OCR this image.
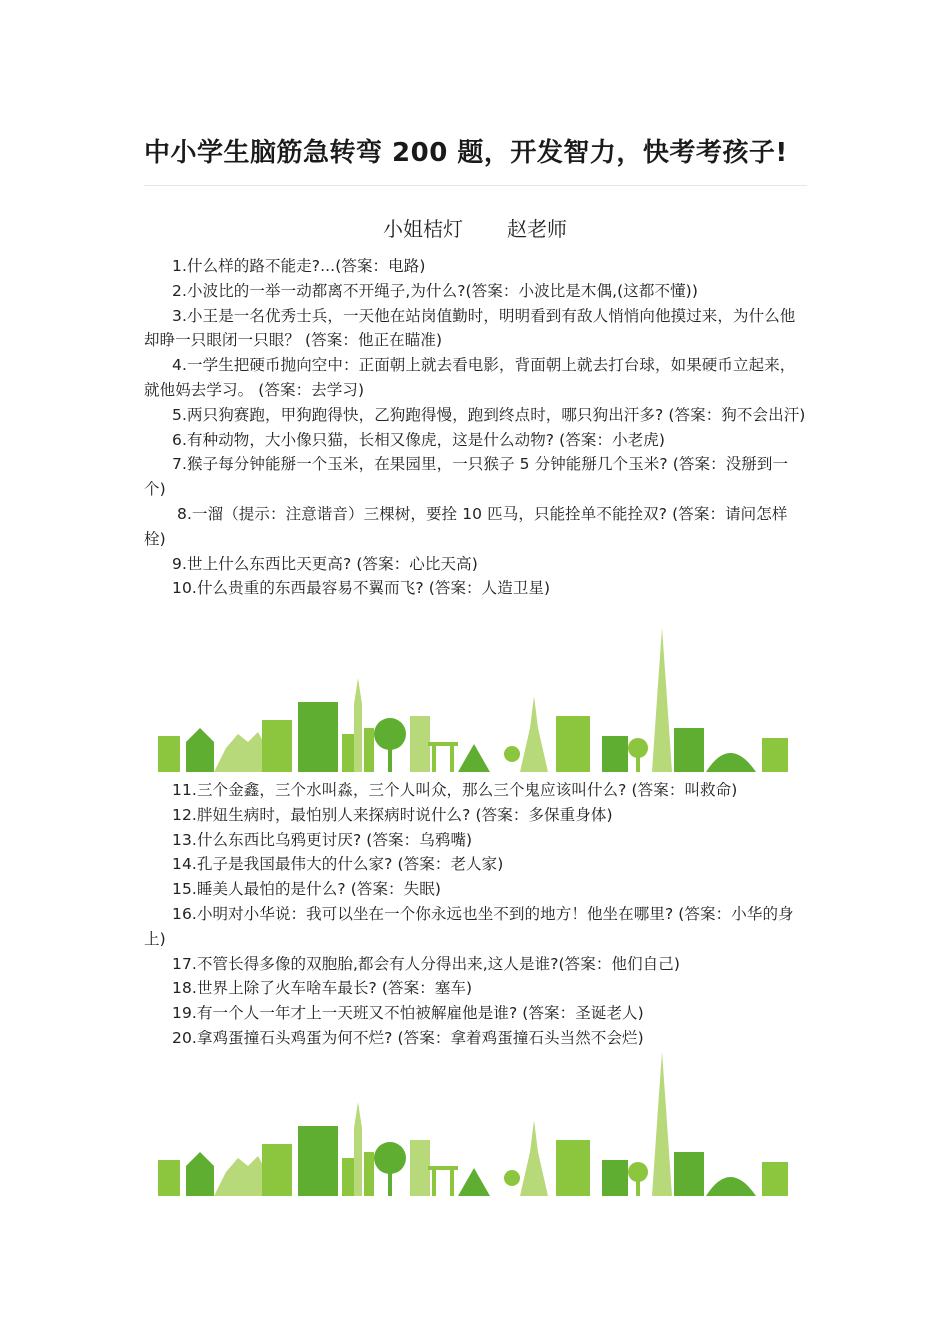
中小学生脑筋急转弯 200 题，开发智力，快考考孩子!
小姐桔灯 赵老师

1.什么样的路不能走?...(答案：电路)

2.小波比的一举一动都离不开绳子,为什么?(答案：小波比是木偶,(这都不懂))

3.小王是一名优秀士兵，一天他在站岗值勤时，明明看到有敌人悄悄向他摸过来，为什么他却睁一只眼闭一只眼？ (答案：他正在瞄准)

4.一学生把硬币抛向空中：正面朝上就去看电影，背面朝上就去打台球，如果硬币立起来，就他妈去学习。 (答案：去学习)

5.两只狗赛跑，甲狗跑得快，乙狗跑得慢，跑到终点时，哪只狗出汗多? (答案：狗不会出汗)

6.有种动物，大小像只猫，长相又像虎，这是什么动物? (答案：小老虎)

7.猴子每分钟能掰一个玉米，在果园里，一只猴子 5 分钟能掰几个玉米? (答案：没掰到一个)

8.一溜（提示：注意谐音）三棵树，要拴 10 匹马，只能拴单不能拴双? (答案：请问怎样栓)

9.世上什么东西比天更高? (答案：心比天高)

10.什么贵重的东西最容易不翼而飞? (答案：人造卫星)

11.三个金鑫，三个水叫淼，三个人叫众，那么三个鬼应该叫什么? (答案：叫救命)

12.胖妞生病时，最怕别人来探病时说什么? (答案：多保重身体)

13.什么东西比乌鸦更讨厌? (答案：乌鸦嘴)

14.孔子是我国最伟大的什么家? (答案：老人家)

15.睡美人最怕的是什么? (答案：失眠)

16.小明对小华说：我可以坐在一个你永远也坐不到的地方！他坐在哪里? (答案：小华的身上)

17.不管长得多像的双胞胎,都会有人分得出来,这人是谁?(答案：他们自己)

18.世界上除了火车啥车最长? (答案：塞车)

19.有一个人一年才上一天班又不怕被解雇他是谁? (答案：圣诞老人)

20.拿鸡蛋撞石头鸡蛋为何不烂? (答案：拿着鸡蛋撞石头当然不会烂)
